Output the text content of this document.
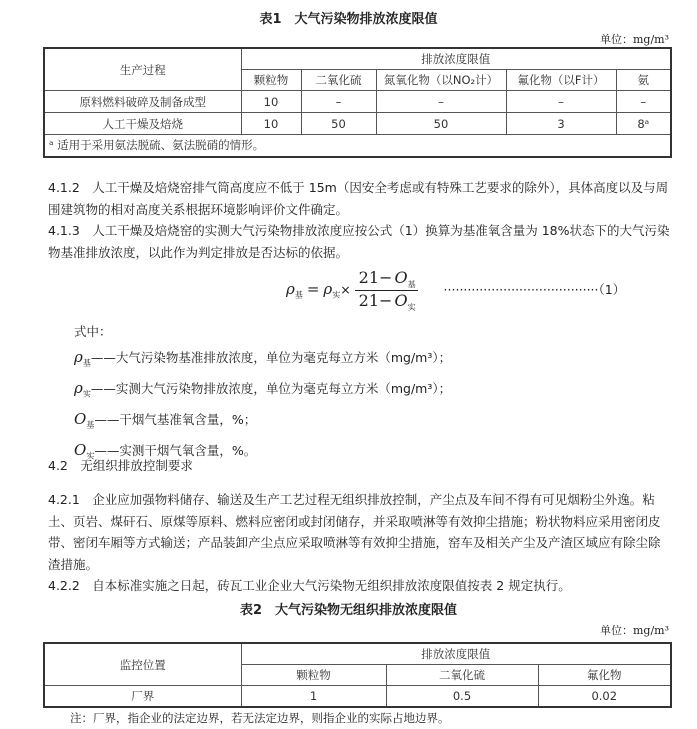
表1　大气污染物排放浓度限值
单位：mg/m³
生产过程	排放浓度限值				
	颗粒物	二氧化硫	氮氧化物（以NO₂计）	氟化物（以F计）	氨
原料燃料破碎及制备成型	10	–	–	–	–
人工干燥及焙烧	10	50	50	3	8ᵃ
ᵃ 适用于采用氨法脱硫、氨法脱硝的情形。					

4.1.2　人工干燥及焙烧窑排气筒高度应不低于 15m（因安全考虑或有特殊工艺要求的除外），具体高度以及与周围建筑物的相对高度关系根据环境影响评价文件确定。

4.1.3　人工干燥及焙烧窑的实测大气污染物排放浓度应按公式（1）换算为基准氧含量为 18%状态下的大气污染物基准排放浓度，以此作为判定排放是否达标的依据。

$\rho_基 = \rho_实\times \frac{21- O_基}{21- O_实} \cdot\cdot\cdot\cdot\cdot\cdot\cdot\cdot\cdot\cdot\cdot\cdot\cdot\cdot\cdot\cdot\cdot\cdot\cdot\cdot\cdot\cdot\cdot\cdot\cdot\cdot\cdot\cdot\cdot\cdot\cdot\cdot\cdot\cdot\cdot\cdot\cdot\cdot\cdot(1)$
式中：
$\rho_基——$大气污染物基准排放浓度，单位为毫克每立方米（mg/m³）；
$\rho_实——$实测大气污染物排放浓度，单位为毫克每立方米（mg/m³）；
$O_基——$干烟气基准氧含量，%；
$O_实——$实测干烟气氧含量，%。
4.2　无组织排放控制要求

4.2.1　企业应加强物料储存、输送及生产工艺过程无组织排放控制，产尘点及车间不得有可见烟粉尘外逸。粘土、页岩、煤矸石、原煤等原料、燃料应密闭或封闭储存，并采取喷淋等有效抑尘措施；粉状物料应采用密闭皮带、密闭车厢等方式输送；产品装卸产尘点应采取喷淋等有效抑尘措施，窑车及相关产尘及产渣区域应有除尘除渣措施。

4.2.2　自本标准实施之日起，砖瓦工业企业大气污染物无组织排放浓度限值按表 2 规定执行。

表2　大气污染物无组织排放浓度限值
单位：mg/m³
监控位置	排放浓度限值		
	颗粒物	二氧化硫	氟化物
厂界	1	0.5	0.02
注：厂界，指企业的法定边界，若无法定边界，则指企业的实际占地边界。
